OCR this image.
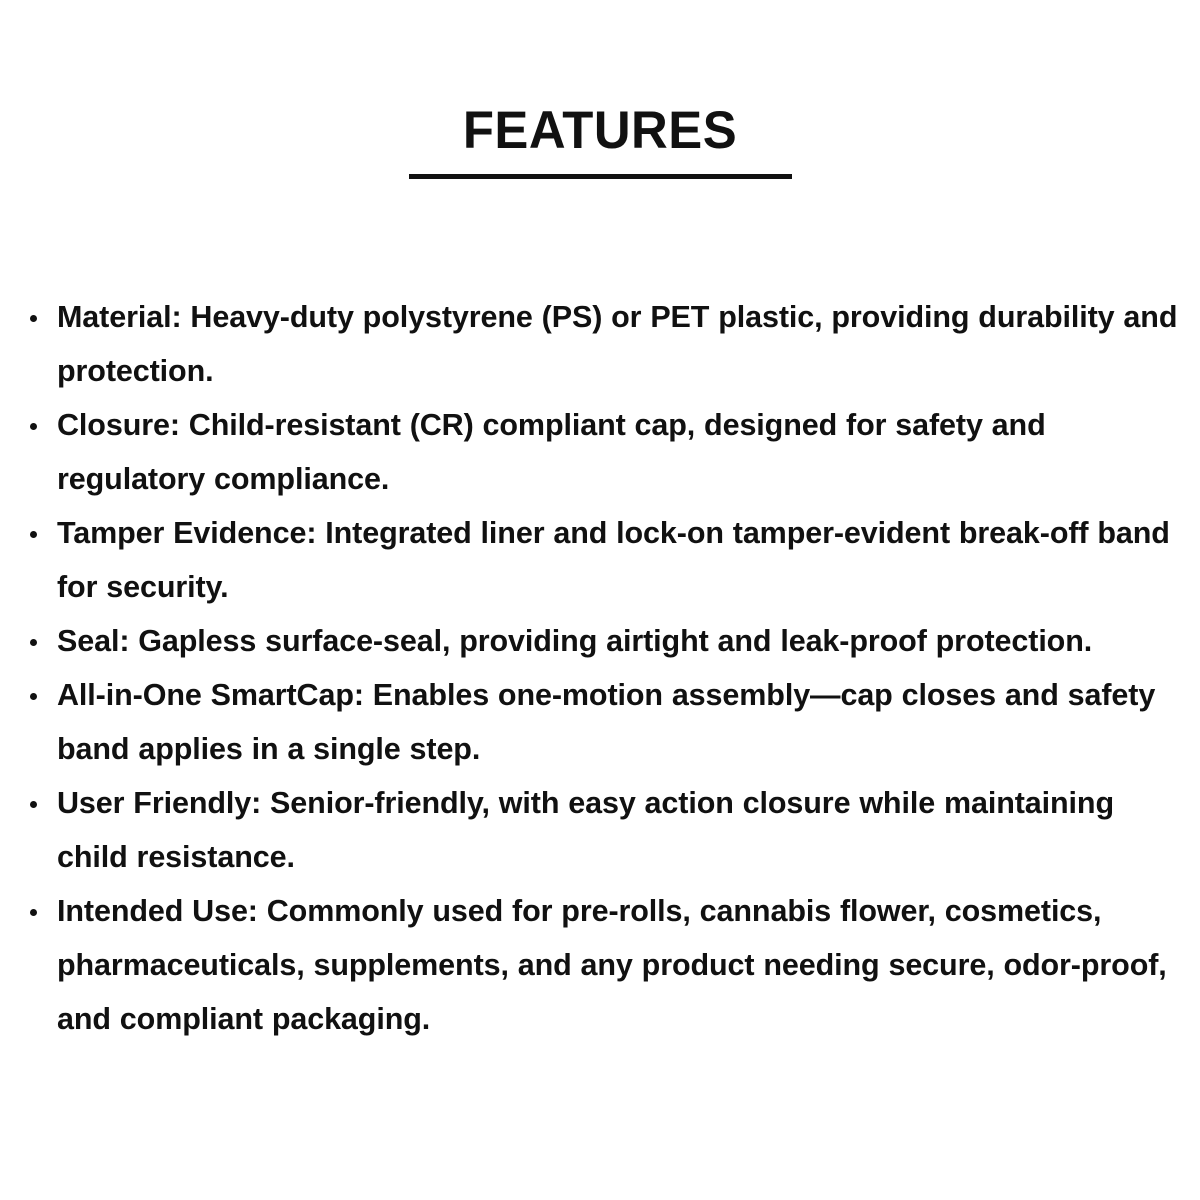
FEATURES
Material: Heavy-duty polystyrene (PS) or PET plastic, providing durability and protection.
Closure: Child-resistant (CR) compliant cap, designed for safety and regulatory compliance.
Tamper Evidence: Integrated liner and lock-on tamper-evident break-off band for security.
Seal: Gapless surface-seal, providing airtight and leak-proof protection.
All-in-One SmartCap: Enables one-motion assembly—cap closes and safety band applies in a single step.
User Friendly: Senior-friendly, with easy action closure while maintaining child resistance.
Intended Use: Commonly used for pre-rolls, cannabis flower, cosmetics, pharmaceuticals, supplements, and any product needing secure, odor-proof, and compliant packaging.
